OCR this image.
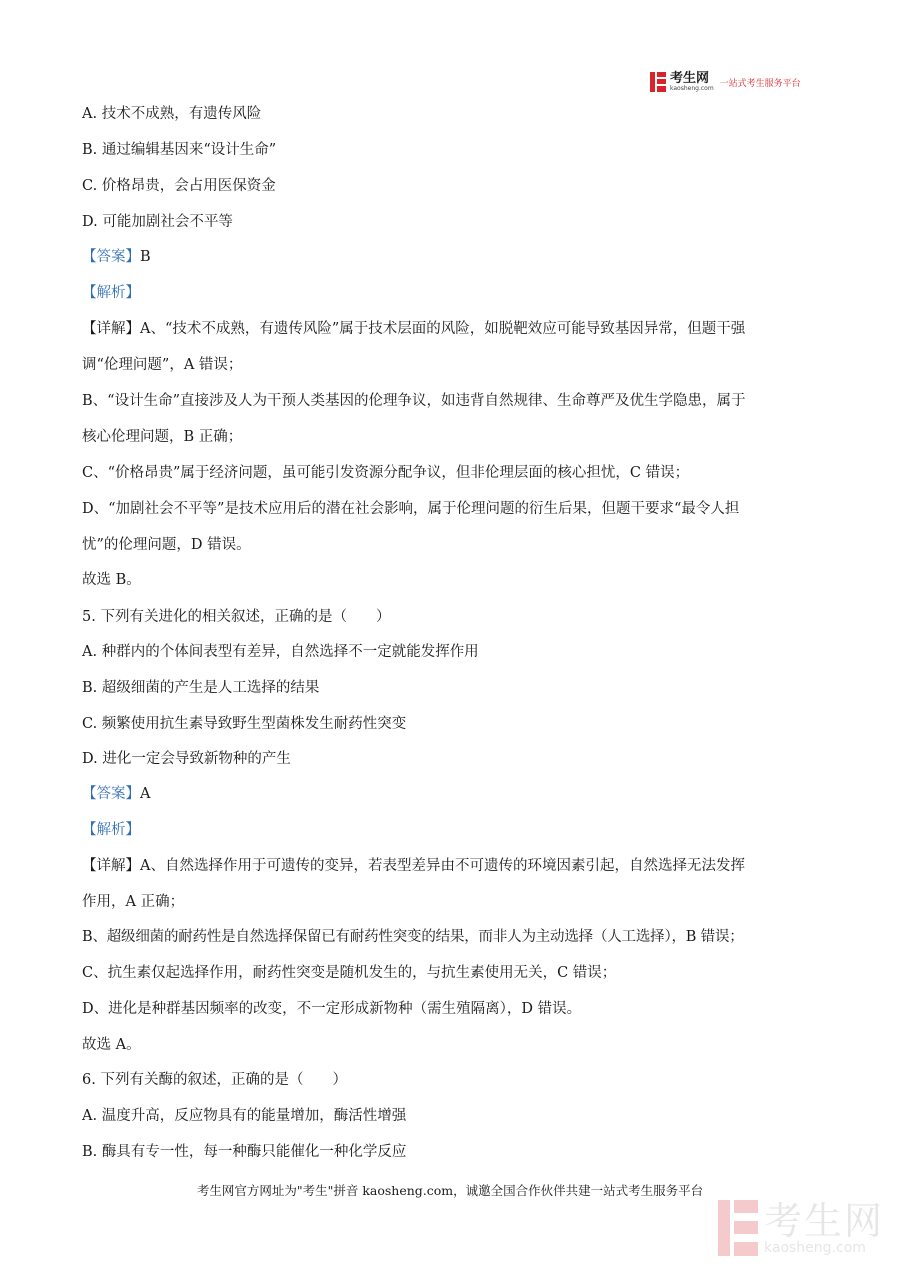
考生网
kaosheng.com 一站式考生服务平台

A. 技术不成熟，有遗传风险

B. 通过编辑基因来“设计生命”

C. 价格昂贵，会占用医保资金

D. 可能加剧社会不平等

【答案】B

【解析】

【详解】A、“技术不成熟，有遗传风险”属于技术层面的风险，如脱靶效应可能导致基因异常，但题干强

调“伦理问题”，A 错误；

B、“设计生命”直接涉及人为干预人类基因的伦理争议，如违背自然规律、生命尊严及优生学隐患，属于

核心伦理问题，B 正确；

C、“价格昂贵”属于经济问题，虽可能引发资源分配争议，但非伦理层面的核心担忧，C 错误；

D、“加剧社会不平等”是技术应用后的潜在社会影响，属于伦理问题的衍生后果，但题干要求“最令人担

忧”的伦理问题，D 错误。

故选 B。

5. 下列有关进化的相关叙述，正确的是（　　）

A. 种群内的个体间表型有差异，自然选择不一定就能发挥作用

B. 超级细菌的产生是人工选择的结果

C. 频繁使用抗生素导致野生型菌株发生耐药性突变

D. 进化一定会导致新物种的产生

【答案】A

【解析】

【详解】A、自然选择作用于可遗传的变异，若表型差异由不可遗传的环境因素引起，自然选择无法发挥

作用，A 正确；

B、超级细菌的耐药性是自然选择保留已有耐药性突变的结果，而非人为主动选择（人工选择），B 错误；

C、抗生素仅起选择作用，耐药性突变是随机发生的，与抗生素使用无关，C 错误；

D、进化是种群基因频率的改变，不一定形成新物种（需生殖隔离），D 错误。

故选 A。

6. 下列有关酶的叙述，正确的是（　　）

A. 温度升高，反应物具有的能量增加，酶活性增强

B. 酶具有专一性，每一种酶只能催化一种化学反应

考生网官方网址为"考生"拼音 kaosheng.com，诚邀全国合作伙伴共建一站式考生服务平台
考生网
kaosheng.com
